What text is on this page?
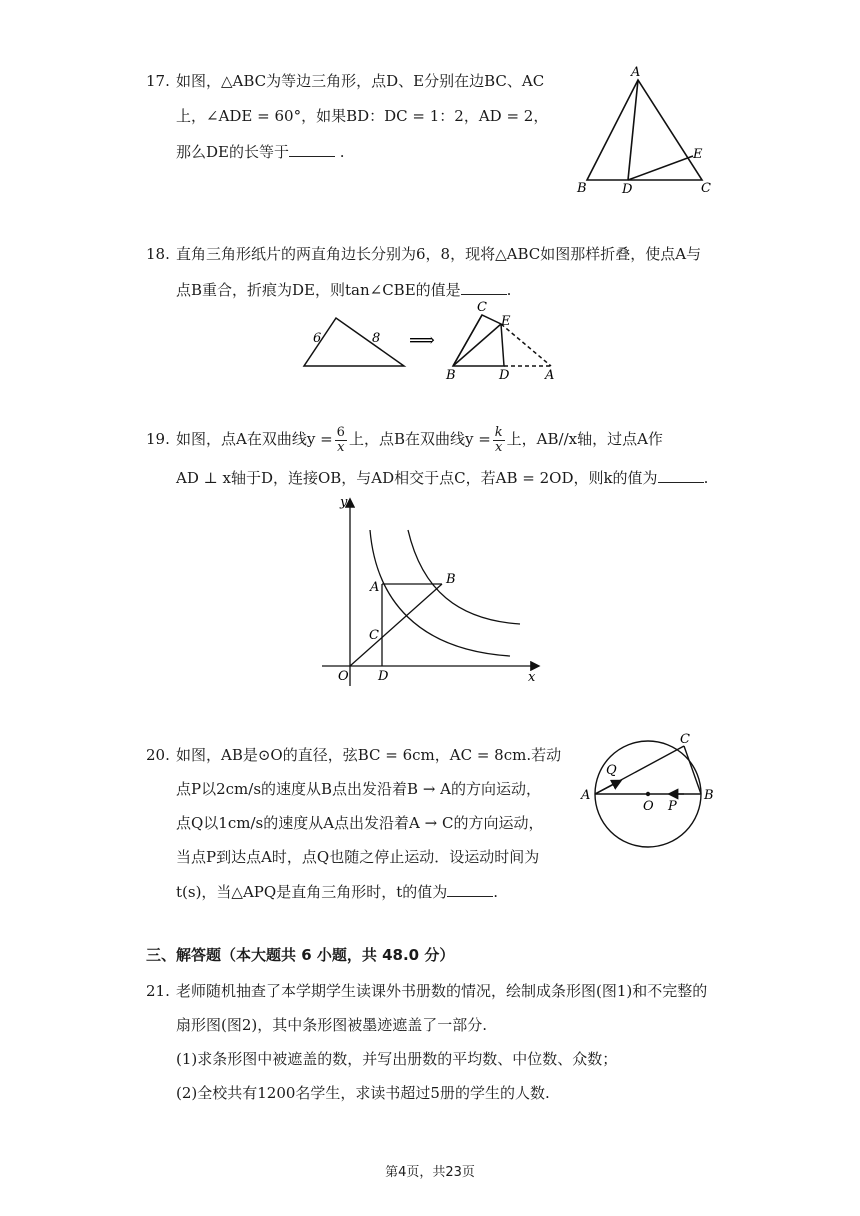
17. 如图，△ABC为等边三角形，点D、E分别在边BC、AC
上，∠ADE = 60°，如果BD：DC = 1：2，AD = 2，
那么DE的长等于	.
A
B	C
D
E
18. 直角三角形纸片的两直角边长分别为6，8，现将△ABC如图那样折叠，使点A与
点B重合，折痕为DE，则tan∠CBE的值是	.
6	8 ⟹
C
E
B	D	A
19. 如图，点A在双曲线$y = \frac{6}{x}$ 上，点B在双曲线$y = \frac{k}{x}$ 上，AB//x轴，过点A作
AD ⊥ x轴于D，连接OB，与AD相交于点C，若AB = 2OD，则k的值为	.
y
x
O D
A
B
C
20. 如图，AB是⊙O的直径，弦BC = 6cm，AC = 8cm.若动
点P以2cm/s的速度从B点出发沿着B → A的方向运动，
点Q以1cm/s的速度从A点出发沿着A → C的方向运动，
当点P到达点A时，点Q也随之停止运动．设运动时间为
t(s)，当△APQ是直角三角形时，t的值为	.
A	B
C
O P
Q
三、解答题（本大题共 6 小题，共 48.0 分）
21. 老师随机抽查了本学期学生读课外书册数的情况，绘制成条形图(图1)和不完整的
扇形图(图2)，其中条形图被墨迹遮盖了一部分.
(1)求条形图中被遮盖的数，并写出册数的平均数、中位数、众数；
(2)全校共有1200名学生，求读书超过5册的学生的人数.
第4页，共23页
